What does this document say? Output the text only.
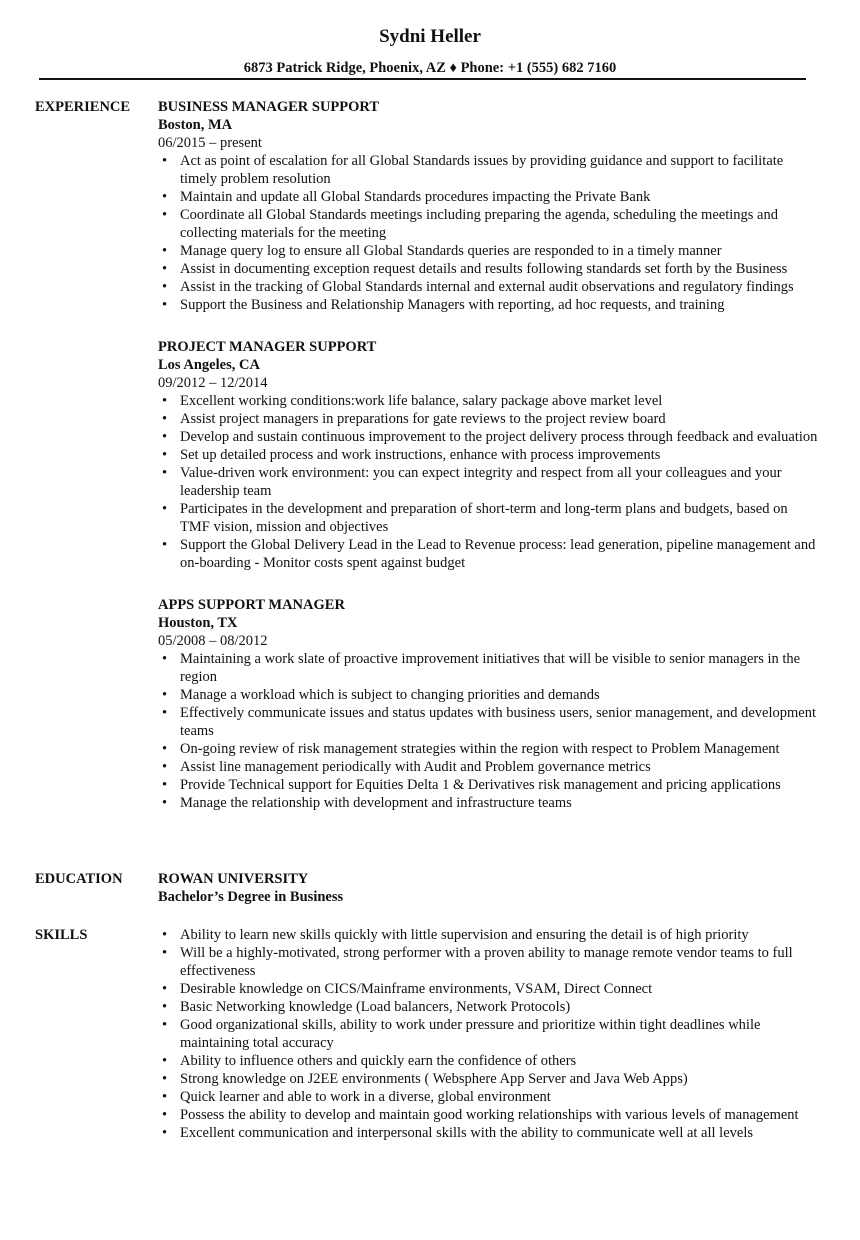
Sydni Heller
6873 Patrick Ridge, Phoenix, AZ ♦ Phone: +1 (555) 682 7160
EXPERIENCE BUSINESS MANAGER SUPPORT
Boston, MA
06/2015 – present
• Act as point of escalation for all Global Standards issues by providing guidance and support to facilitate timely problem resolution
• Maintain and update all Global Standards procedures impacting the Private Bank
• Coordinate all Global Standards meetings including preparing the agenda, scheduling the meetings and collecting materials for the meeting
• Manage query log to ensure all Global Standards queries are responded to in a timely manner
• Assist in documenting exception request details and results following standards set forth by the Business
• Assist in the tracking of Global Standards internal and external audit observations and regulatory findings
• Support the Business and Relationship Managers with reporting, ad hoc requests, and training
PROJECT MANAGER SUPPORT
Los Angeles, CA
09/2012 – 12/2014
• Excellent working conditions:work life balance, salary package above market level
• Assist project managers in preparations for gate reviews to the project review board
• Develop and sustain continuous improvement to the project delivery process through feedback and evaluation
• Set up detailed process and work instructions, enhance with process improvements
• Value-driven work environment: you can expect integrity and respect from all your colleagues and your leadership team
• Participates in the development and preparation of short-term and long-term plans and budgets, based on TMF vision, mission and objectives
• Support the Global Delivery Lead in the Lead to Revenue process: lead generation, pipeline management and on-boarding - Monitor costs spent against budget
APPS SUPPORT MANAGER
Houston, TX
05/2008 – 08/2012
• Maintaining a work slate of proactive improvement initiatives that will be visible to senior managers in the region
• Manage a workload which is subject to changing priorities and demands
• Effectively communicate issues and status updates with business users, senior management, and development teams
• On-going review of risk management strategies within the region with respect to Problem Management
• Assist line management periodically with Audit and Problem governance metrics
• Provide Technical support for Equities Delta 1 & Derivatives risk management and pricing applications
• Manage the relationship with development and infrastructure teams
EDUCATION ROWAN UNIVERSITY
Bachelor’s Degree in Business
SKILLS
•	Ability to learn new skills quickly with little supervision and ensuring the detail is of high priority
• Will be a highly-motivated, strong performer with a proven ability to manage remote vendor teams to full effectiveness
• Desirable knowledge on CICS/Mainframe environments, VSAM, Direct Connect
• Basic Networking knowledge (Load balancers, Network Protocols)
• Good organizational skills, ability to work under pressure and prioritize within tight deadlines while maintaining total accuracy
• Ability to influence others and quickly earn the confidence of others
• Strong knowledge on J2EE environments ( Websphere App Server and Java Web Apps)
• Quick learner and able to work in a diverse, global environment
• Possess the ability to develop and maintain good working relationships with various levels of management
• Excellent communication and interpersonal skills with the ability to communicate well at all levels
